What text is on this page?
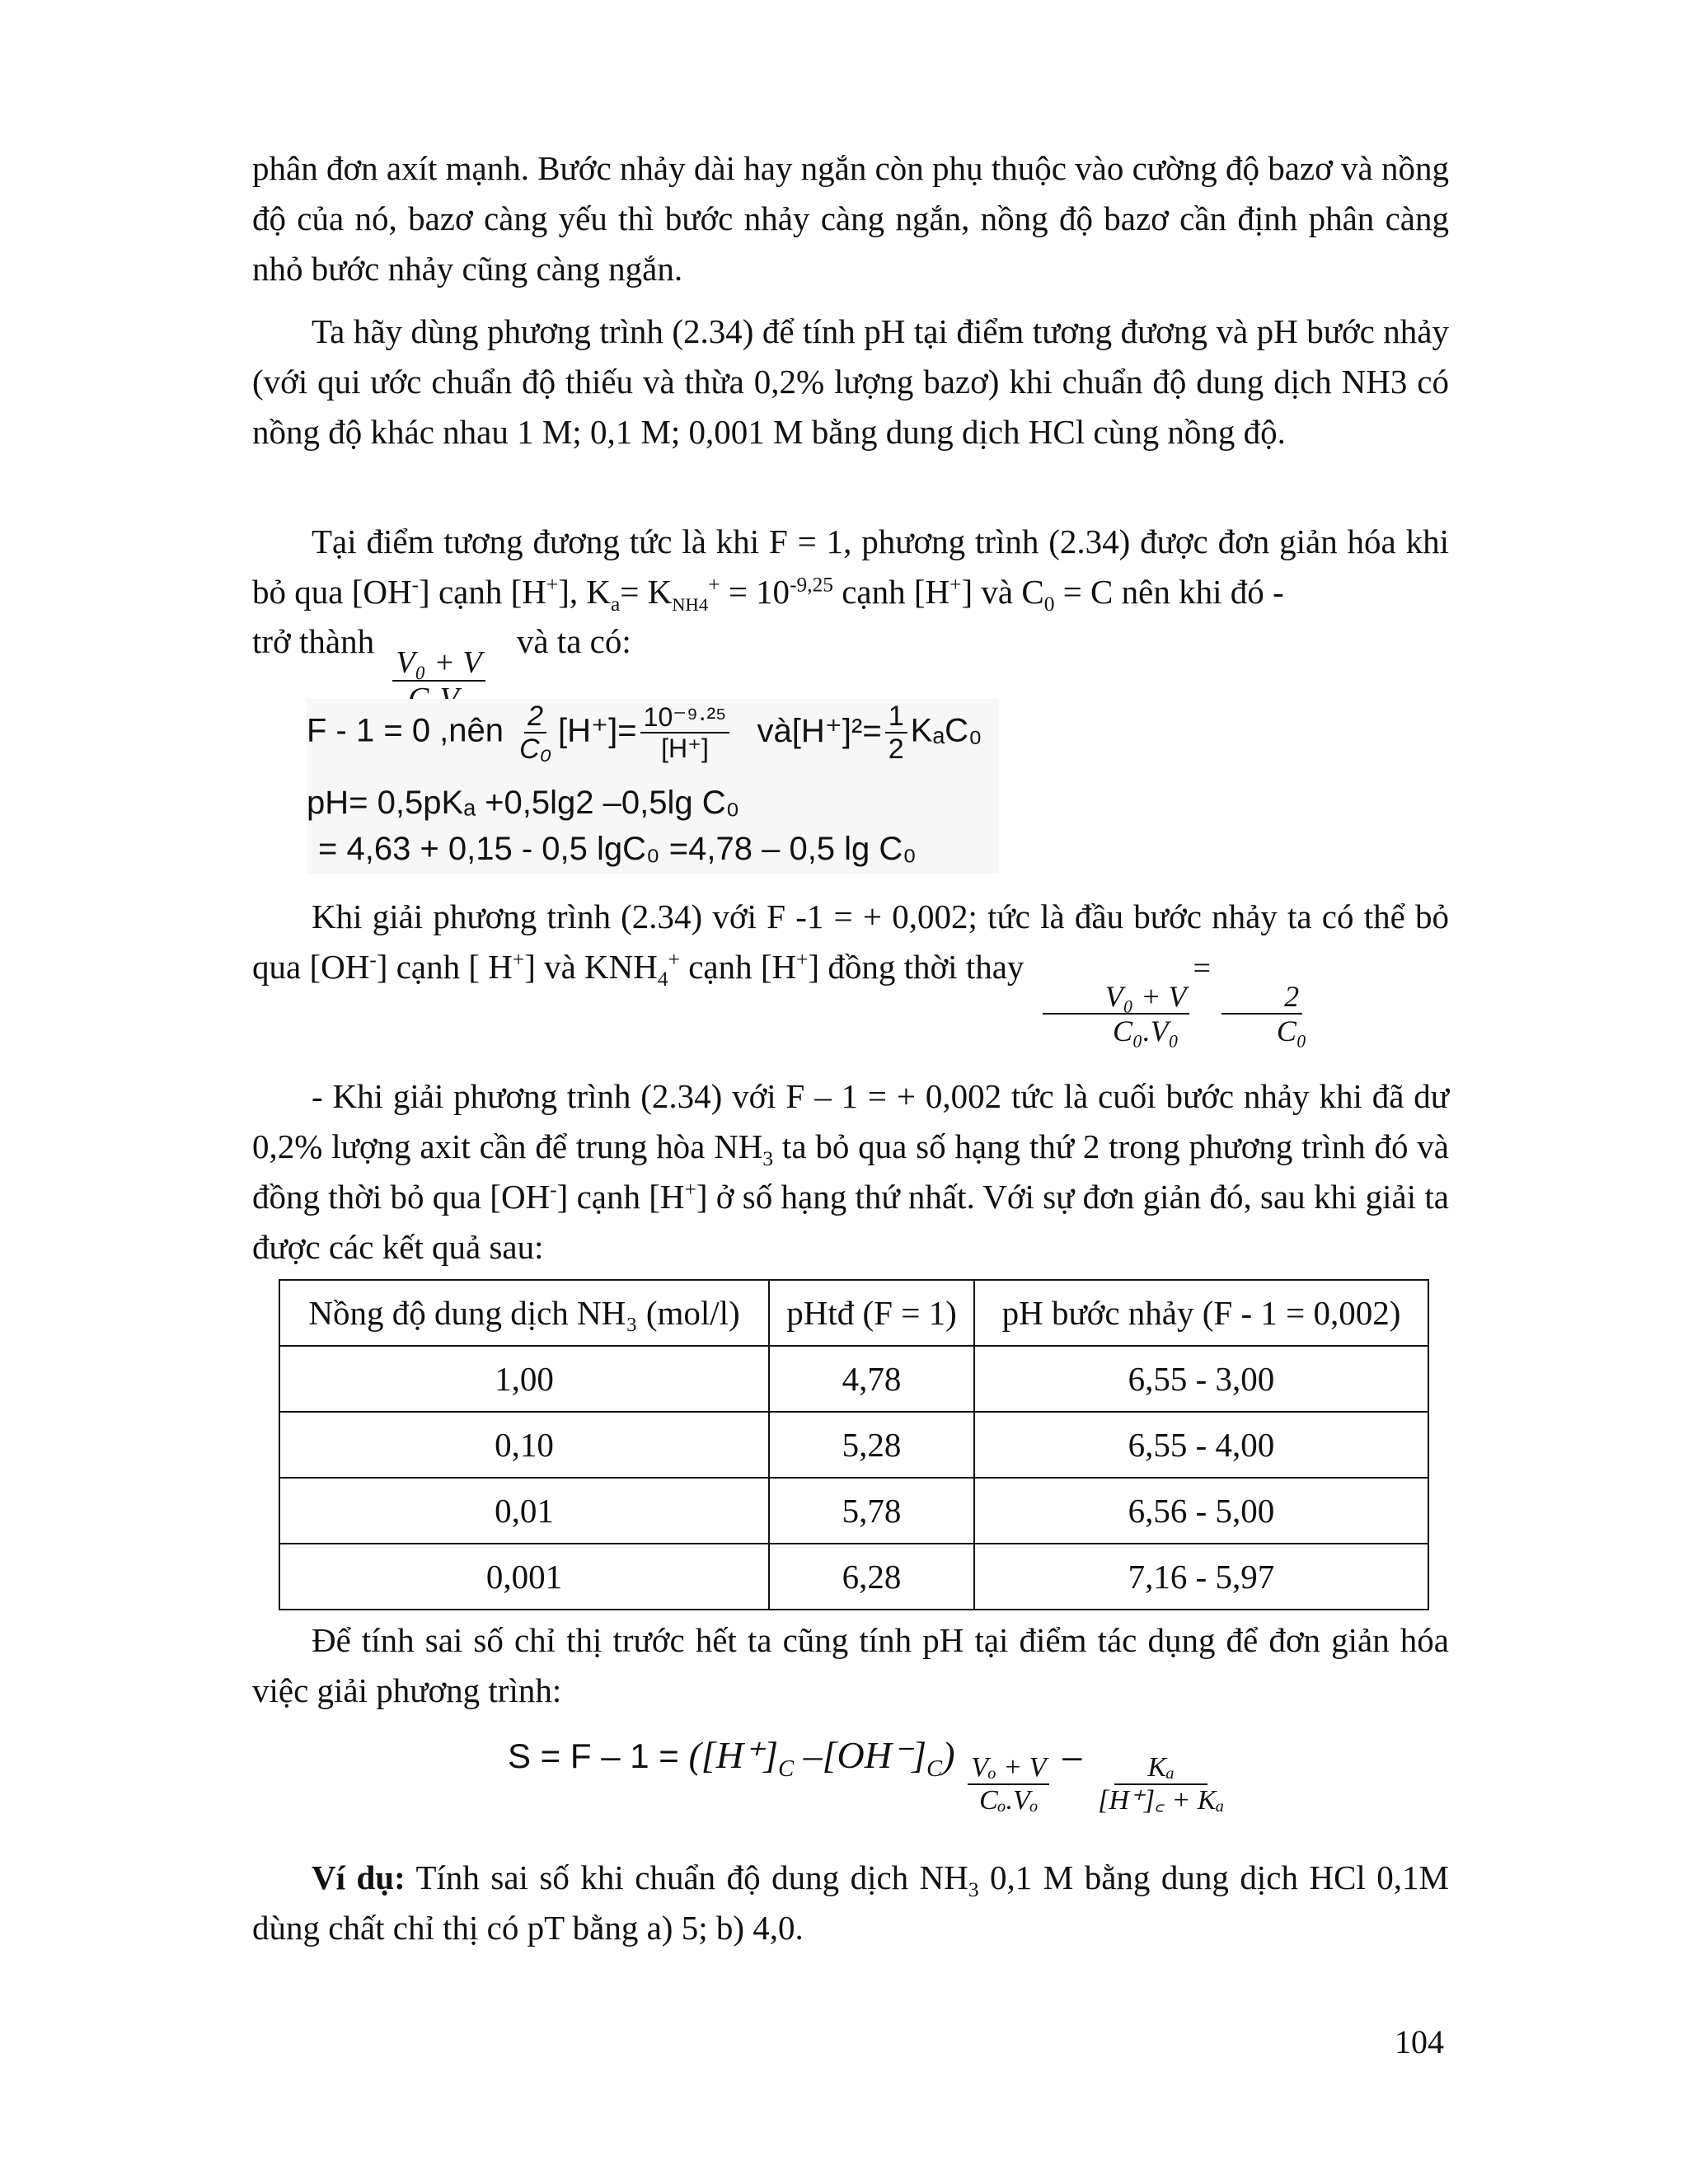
phân đơn axít mạnh. Bước nhảy dài hay ngắn còn phụ thuộc vào cường độ bazơ và nồng độ của nó, bazơ càng yếu thì bước nhảy càng ngắn, nồng độ bazơ cần định phân càng nhỏ bước nhảy cũng càng ngắn.

Ta hãy dùng phương trình (2.34) để tính pH tại điểm tương đương và pH bước nhảy (với qui ước chuẩn độ thiếu và thừa 0,2% lượng bazơ) khi chuẩn độ dung dịch NH3 có nồng độ khác nhau 1 M; 0,1 M; 0,001 M bằng dung dịch HCl cùng nồng độ.

Tại điểm tương đương tức là khi F = 1, phương trình (2.34) được đơn giản hóa khi bỏ qua [OH-] cạnh [H+], $K_a= K_{NH4}^+ = 10^{-9,25}$ cạnh [H+] và $C_0 = C$ nên khi đó -

trở thành
V₀ + V
và ta có:
F - 1 = 0 ,nên $\frac{2}{\text{C₀}} [H^+]= \frac{\text{10⁻⁹·²⁵}}{[H^+]}$ và[H⁺]²= $\frac{1}{2} K_aC_0$
pH= 0,5pKₐ +0,5lg2 –0,5lg C₀
= 4,63 + 0,15 - 0,5 lgC₀ =4,78 – 0,5 lg C₀

Khi giải phương trình (2.34) với F -1 = + 0,002; tức là đầu bước nhảy ta có thể bỏ qua [OH-] cạnh [ H+] và $KNH_4^+$ cạnh [H+] đồng thời thay
$\frac{\text{V₀ + V}}{\text{C₀.V₀}}$
=
$\frac{2}{\text{C₀}}$

- Khi giải phương trình (2.34) với F – 1 = + 0,002 tức là cuối bước nhảy khi đã dư 0,2% lượng axit cần để trung hòa $NH_3$ ta bỏ qua số hạng thứ 2 trong phương trình đó và đồng thời bỏ qua [OH-] cạnh [H+] ở số hạng thứ nhất. Với sự đơn giản đó, sau khi giải ta được các kết quả sau:

Nồng độ dung dịch NH₃ (mol/l)	pHtđ (F = 1)	pH bước nhảy (F - 1 = 0,002)
1,00	4,78	6,55 - 3,00
0,10	5,28	6,55 - 4,00
0,01	5,78	6,56 - 5,00
0,001	6,28	7,16 - 5,97

Để tính sai số chỉ thị trước hết ta cũng tính pH tại điểm tác dụng để đơn giản hóa việc giải phương trình:

$S = F - 1 = ([H^+]_C$ $-[OH^-]_C) \frac{\text{Vₒ + V}}{\text{Cₒ.Vₒ}} - \frac{\text{Kₐ}}{\text{[H⁺]꜀ + Kₐ}}$

Ví dụ: Tính sai số khi chuẩn độ dung dịch $NH_3$ 0,1 M bằng dung dịch HCl 0,1M dùng chất chỉ thị có pT bằng a) 5; b) 4,0.

104
